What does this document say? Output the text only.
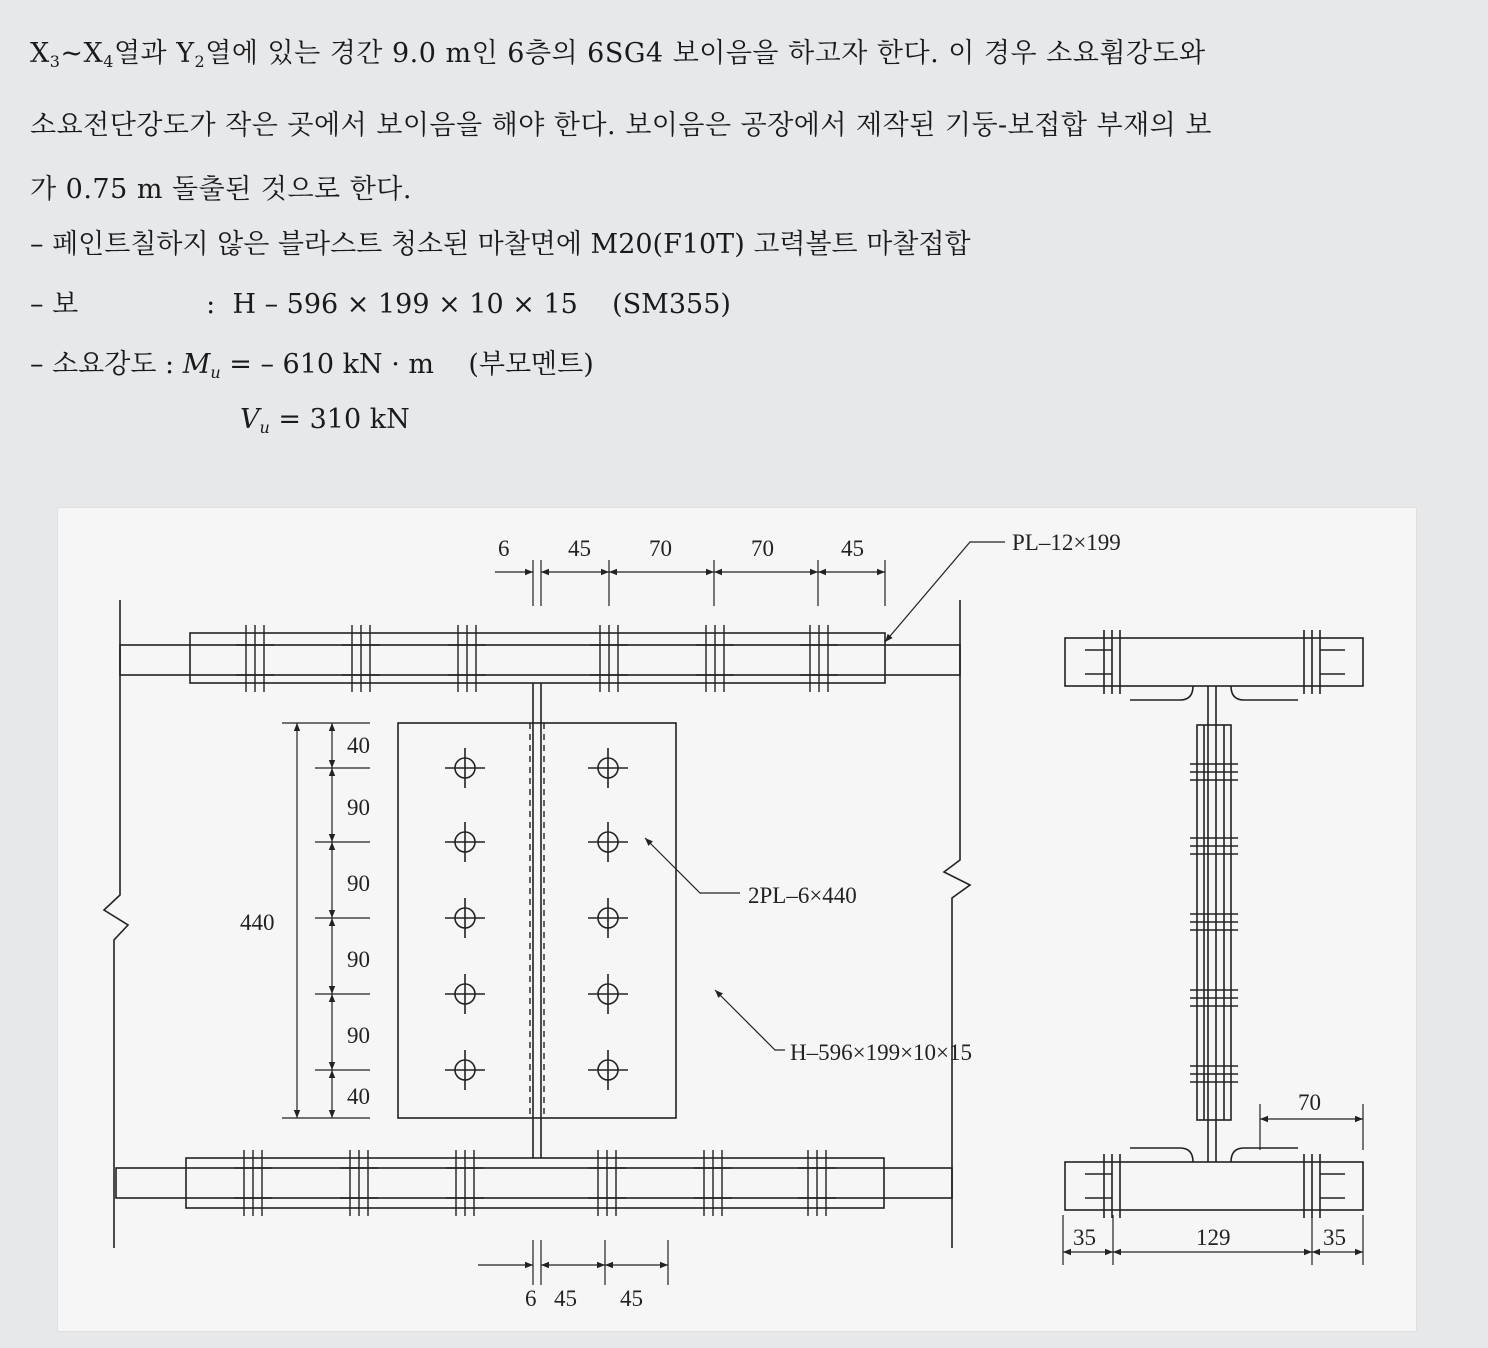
$X_3\sim X_4$열과 $Y_2$열에 있는 경간 9.0 m인 6층의 6SG4 보이음을 하고자 한다. 이 경우 소요휨강도와

소요전단강도가 작은 곳에서 보이음을 해야 한다. 보이음은 공장에서 제작된 기둥-보접합 부재의 보

가 0.75 m 돌출된 것으로 한다.

– 페인트칠하지 않은 블라스트 청소된 마찰면에 M20(F10T) 고력볼트 마찰접합
– 보	: H – 596 × 199 × 10 × 15 (SM355)
– 소요강도 : $M_u$ = – 610 kN · m (부모멘트)
$V_u = 310$ kN
6	45	70	70	45	PL–12×199
40
90
90
90
90
40
440
2PL–6×440
H–596×199×10×15
6 45 45
70
35	129	35
